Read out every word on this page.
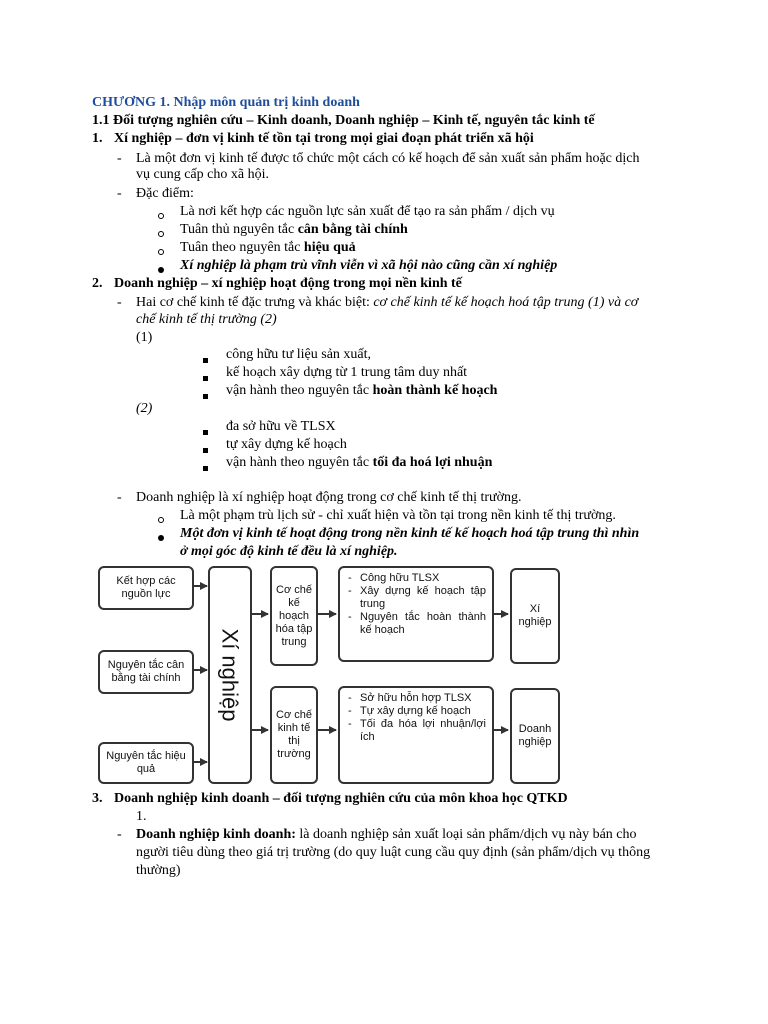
CHƯƠNG 1. Nhập môn quản trị kinh doanh
1.1 Đối tượng nghiên cứu – Kinh doanh, Doanh nghiệp – Kinh tế, nguyên tắc kinh tế
1. Xí nghiệp – đơn vị kinh tế tồn tại trong mọi giai đoạn phát triển xã hội
- Là một đơn vị kinh tế được tổ chức một cách có kế hoạch để sản xuất sản phẩm hoặc dịch
vụ cung cấp cho xã hội.
- Đặc điểm:
Là nơi kết hợp các nguồn lực sản xuất để tạo ra sản phẩm / dịch vụ
Tuân thủ nguyên tắc cân bằng tài chính
Tuân theo nguyên tắc hiệu quả
Xí nghiệp là phạm trù vĩnh viễn vì xã hội nào cũng cần xí nghiệp
2. Doanh nghiệp – xí nghiệp hoạt động trong mọi nền kinh tế
- Hai cơ chế kinh tế đặc trưng và khác biệt: cơ chế kinh tế kế hoạch hoá tập trung (1) và cơ
chế kinh tế thị trường (2)
(1)
công hữu tư liệu sản xuất,
kế hoạch xây dựng từ 1 trung tâm duy nhất
vận hành theo nguyên tắc hoàn thành kế hoạch
(2)
đa sở hữu về TLSX
tự xây dựng kế hoạch
vận hành theo nguyên tắc tối đa hoá lợi nhuận
- Doanh nghiệp là xí nghiệp hoạt động trong cơ chế kinh tế thị trường.
Là một phạm trù lịch sử - chỉ xuất hiện và tồn tại trong nền kinh tế thị trường.
Một đơn vị kinh tế hoạt động trong nền kinh tế kế hoạch hoá tập trung thì nhìn
ở mọi góc độ kinh tế đều là xí nghiệp.
Kết hợp các nguồn lực
Nguyên tắc cân bằng tài chính
Nguyên tắc hiệu quả
Xí nghiệp
Cơ chế kế hoạch hóa tập trung
Cơ chế kinh tế thị trường
- Công hữu TLSX
- Xây dựng kế hoạch tập trung
- Nguyên tắc hoàn thành kế hoạch
- Sở hữu hỗn hợp TLSX
- Tự xây dựng kế hoạch
- Tối đa hóa lợi nhuận/lợi ích
Xí nghiệp
Doanh nghiệp
3. Doanh nghiệp kinh doanh – đối tượng nghiên cứu của môn khoa học QTKD
1.
- Doanh nghiệp kinh doanh: là doanh nghiệp sản xuất loại sản phẩm/dịch vụ này bán cho
người tiêu dùng theo giá trị trường (do quy luật cung cầu quy định (sản phẩm/dịch vụ thông
thường)
